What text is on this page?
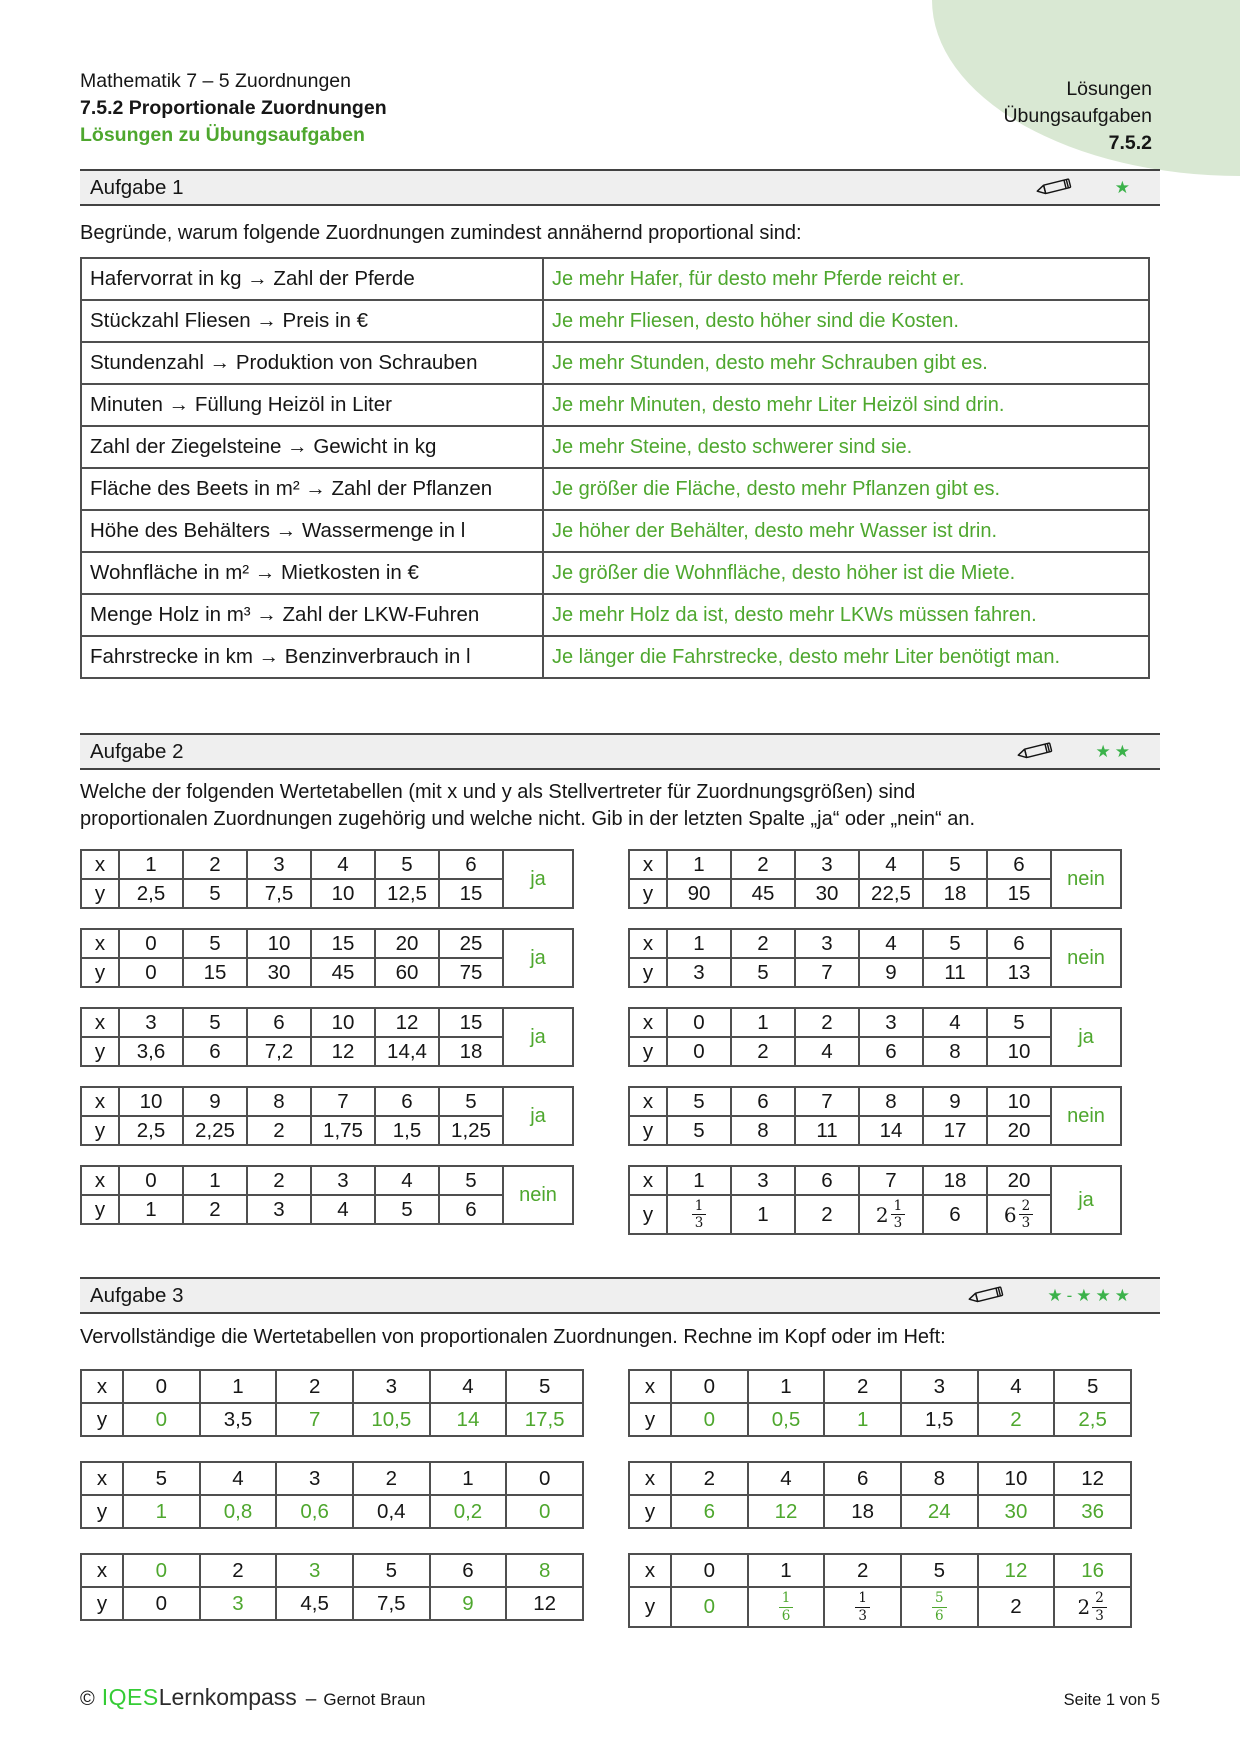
Mathematik 7 – 5 Zuordnungen
7.5.2 Proportionale Zuordnungen
Lösungen zu Übungsaufgaben
Lösungen
Übungsaufgaben
7.5.2
Aufgabe 1	★

Begründe, warum folgende Zuordnungen zumindest annähernd proportional sind:

Hafervorrat in kg → Zahl der Pferde	Je mehr Hafer, für desto mehr Pferde reicht er.
Stückzahl Fliesen → Preis in €	Je mehr Fliesen, desto höher sind die Kosten.
Stundenzahl → Produktion von Schrauben	Je mehr Stunden, desto mehr Schrauben gibt es.
Minuten → Füllung Heizöl in Liter	Je mehr Minuten, desto mehr Liter Heizöl sind drin.
Zahl der Ziegelsteine → Gewicht in kg	Je mehr Steine, desto schwerer sind sie.
Fläche des Beets in m² → Zahl der Pflanzen	Je größer die Fläche, desto mehr Pflanzen gibt es.
Höhe des Behälters → Wassermenge in l	Je höher der Behälter, desto mehr Wasser ist drin.
Wohnfläche in m² → Mietkosten in €	Je größer die Wohnfläche, desto höher ist die Miete.
Menge Holz in m³ → Zahl der LKW-Fuhren	Je mehr Holz da ist, desto mehr LKWs müssen fahren.
Fahrstrecke in km → Benzinverbrauch in l	Je länger die Fahrstrecke, desto mehr Liter benötigt man.
Aufgabe 2	★★

Welche der folgenden Wertetabellen (mit x und y als Stellvertreter für Zuordnungsgrößen) sind

proportionalen Zuordnungen zugehörig und welche nicht. Gib in der letzten Spalte „ja“ oder „nein“ an.

x	1	2	3	4	5	6	ja
y	2,5	5	7,5	10	12,5	15	
x	1	2	3	4	5	6	nein
y	90	45	30	22,5	18	15	
x	0	5	10	15	20	25	ja
y	0	15	30	45	60	75	
x	1	2	3	4	5	6	nein
y	3	5	7	9	11	13	
x	3	5	6	10	12	15	ja
y	3,6	6	7,2	12	14,4	18	
x	0	1	2	3	4	5	ja
y	0	2	4	6	8	10	
x	10	9	8	7	6	5	ja
y	2,5	2,25	2	1,75	1,5	1,25	
x	5	6	7	8	9	10	nein
y	5	8	11	14	17	20	
x	0	1	2	3	4	5	nein
y	1	2	3	4	5	6	
x	1	3	6	7	18	20	ja
y	$\frac{1}{3}$	1	2	$2 \frac{1}{3}$	6	$6 \frac{2}{3}$
Aufgabe 3	★-★★★

Vervollständige die Wertetabellen von proportionalen Zuordnungen. Rechne im Kopf oder im Heft:

x	0	1	2	3	4	5
y	0	3,5	7	10,5	14	17,5
x	0	1	2	3	4	5
y	0	0,5	1	1,5	2	2,5
x	5	4	3	2	1	0
y	1	0,8	0,6	0,4	0,2	0
x	2	4	6	8	10	12
y	6	12	18	24	30	36
x	0	2	3	5	6	8
y	0	3	4,5	7,5	9	12
x	0	1	2	5	12	16
y	0	$\frac{1}{6}$	$\frac{1}{3}$	$\frac{5}{6}$	2	$2 \frac{2}{3}$
© IQES Lernkompass – Gernot Braun	Seite 1 von 5
